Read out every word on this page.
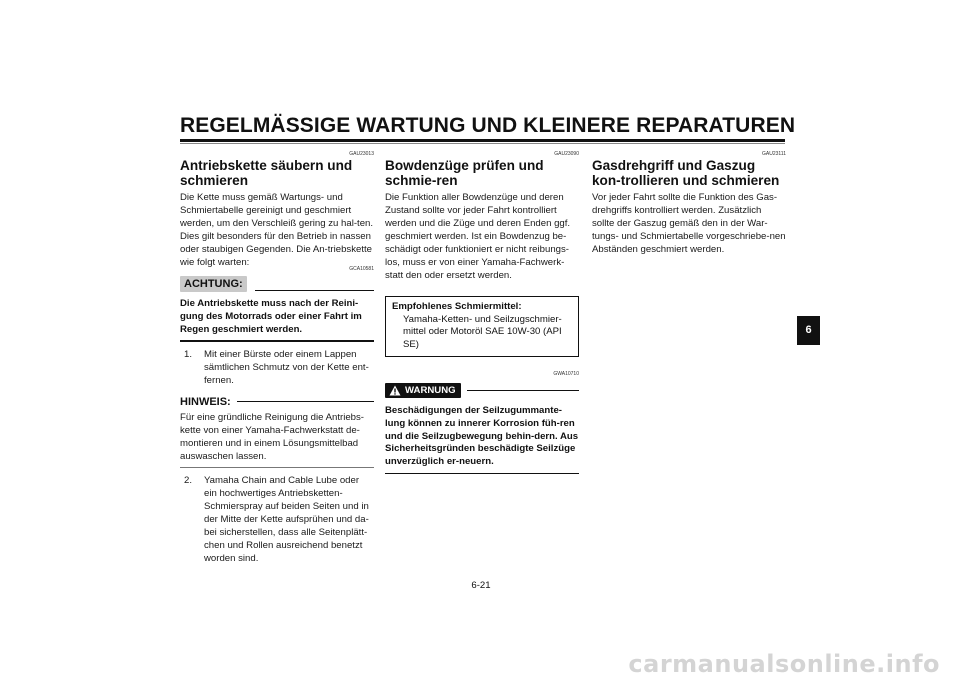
REGELMÄSSIGE WARTUNG UND KLEINERE REPARATUREN
GAU23013
Antriebskette säubern und schmieren

Die Kette muss gemäß Wartungs- und Schmiertabelle gereinigt und geschmiert werden, um den Verschleiß gering zu hal-ten. Dies gilt besonders für den Betrieb in nassen oder staubigen Gegenden. Die An-triebskette wie folgt warten:

ACHTUNG:
GCA10581
Die Antriebskette muss nach der Reini-gung des Motorrads oder einer Fahrt im Regen geschmiert werden.
1.	Mit einer Bürste oder einem Lappen sämtlichen Schmutz von der Kette ent-fernen.
HINWEIS:

Für eine gründliche Reinigung die Antriebs-kette von einer Yamaha-Fachwerkstatt de-montieren und in einem Lösungsmittelbad auswaschen lassen.

2.	Yamaha Chain and Cable Lube oder ein hochwertiges Antriebsketten-Schmierspray auf beiden Seiten und in der Mitte der Kette aufsprühen und da-bei sicherstellen, dass alle Seitenplätt-chen und Rollen ausreichend benetzt worden sind.
GAU23090
Bowdenzüge prüfen und schmie-ren

Die Funktion aller Bowdenzüge und deren Zustand sollte vor jeder Fahrt kontrolliert werden und die Züge und deren Enden ggf. geschmiert werden. Ist ein Bowdenzug be-schädigt oder funktioniert er nicht reibungs-los, muss er von einer Yamaha-Fachwerk-statt den oder ersetzt werden.

Empfohlenes Schmiermittel:
Yamaha-Ketten- und Seilzugschmier-mittel oder Motoröl SAE 10W-30 (API SE)
GWA10710
WARNUNG
Beschädigungen der Seilzugummante-lung können zu innerer Korrosion füh-ren und die Seilzugbewegung behin-dern. Aus Sicherheitsgründen beschädigte Seilzüge unverzüglich er-neuern.
GAU23111
Gasdrehgriff und Gaszug kon-trollieren und schmieren

Vor jeder Fahrt sollte die Funktion des Gas-drehgriffs kontrolliert werden. Zusätzlich sollte der Gaszug gemäß den in der War-tungs- und Schmiertabelle vorgeschriebe-nen Abständen geschmiert werden.

6
6-21
carmanualsonline.info
